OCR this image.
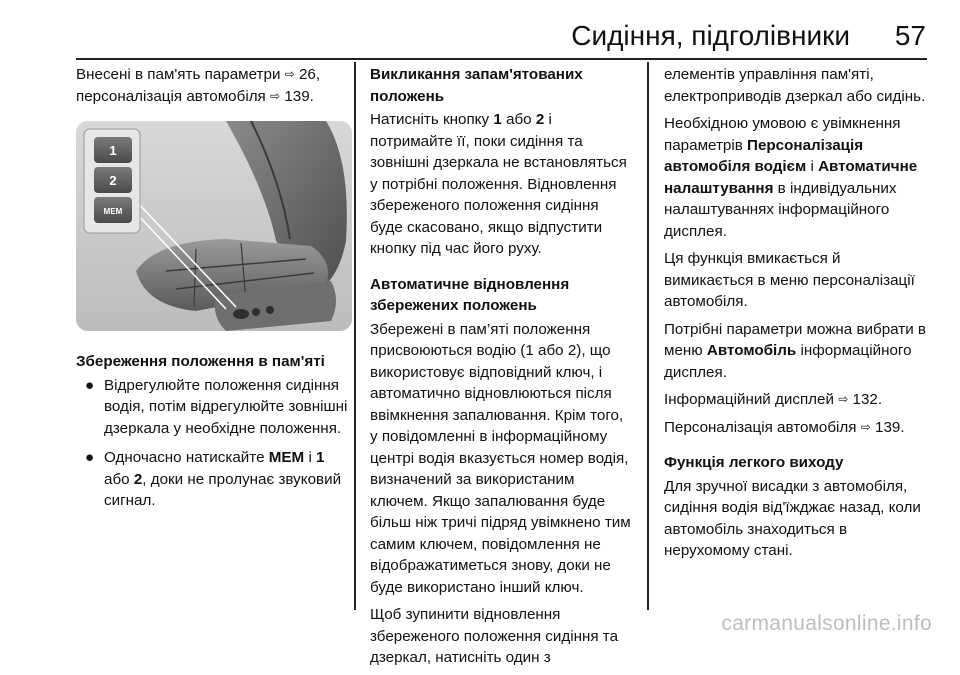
Сидіння, підголівники 57

Внесені в пам'ять параметри ⇨ 26, персоналізація автомобіля ⇨ 139.

1
2
MEM
Збереження положення в пам'яті
● Відрегулюйте положення сидіння водія, потім відрегулюйте зовнішні дзеркала у необхідне положення.
● Одночасно натискайте MEM і 1 або 2, доки не пролунає звуковий сигнал.
Викликання запам'ятованих положень

Натисніть кнопку 1 або 2 і потримайте її, поки сидіння та зовнішні дзеркала не встановляться у потрібні положення. Відновлення збереженого положення сидіння буде скасовано, якщо відпустити кнопку під час його руху.

Автоматичне відновлення збережених положень

Збережені в пам’яті положення присвоюються водію (1 або 2), що використовує відповідний ключ, і автоматично відновлюються після ввімкнення запалювання. Крім того, у повідомленні в інформаційному центрі водія вказується номер водія, визначений за використаним ключем. Якщо запалювання буде більш ніж тричі підряд увімкнено тим самим ключем, повідомлення не відображатиметься знову, доки не буде використано інший ключ.

Щоб зупинити відновлення збереженого положення сидіння та дзеркал, натисніть один з

елементів управління пам'яті, електроприводів дзеркал або сидінь.

Необхідною умовою є увімкнення параметрів Персоналізація автомобіля водієм і Автоматичне налаштування в індивідуальних налаштуваннях інформаційного дисплея.

Ця функція вмикається й вимикається в меню персоналізації автомобіля.

Потрібні параметри можна вибрати в меню Автомобіль інформаційного дисплея.

Інформаційний дисплей ⇨ 132.

Персоналізація автомобіля ⇨ 139.

Функція легкого виходу

Для зручної висадки з автомобіля, сидіння водія від'їжджає назад, коли автомобіль знаходиться в нерухомому стані.

carmanualsonline.info
